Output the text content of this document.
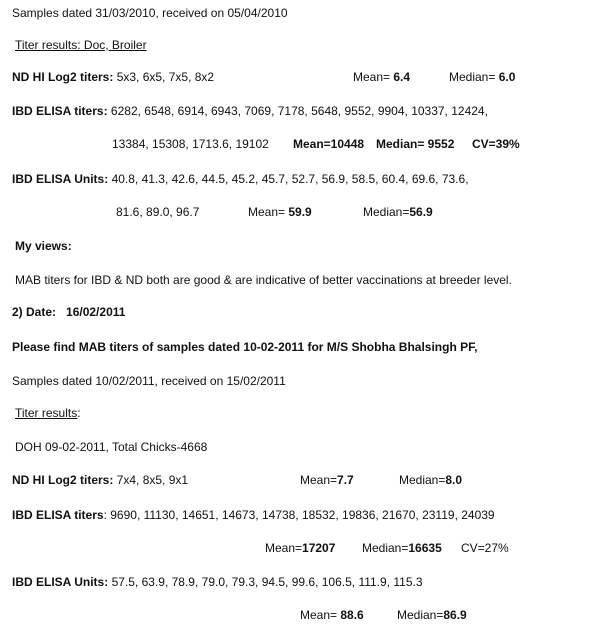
Samples dated 31/03/2010, received on 05/04/2010
Titer results: Doc, Broiler
ND HI Log2 titers: 5x3, 6x5, 7x5, 8x2	Mean= 6.4	Median= 6.0
IBD ELISA titers: 6282, 6548, 6914, 6943, 7069, 7178, 5648, 9552, 9904, 10337, 12424,
13384, 15308, 1713.6, 19102 Mean=10448 Median= 9552 CV=39%
IBD ELISA Units: 40.8, 41.3, 42.6, 44.5, 45.2, 45.7, 52.7, 56.9, 58.5, 60.4, 69.6, 73.6,
81.6, 89.0, 96.7	Mean= 59.9	Median=56.9
My views:
MAB titers for IBD & ND both are good & are indicative of better vaccinations at breeder level.
2) Date: 16/02/2011
Please find MAB titers of samples dated 10-02-2011 for M/S Shobha Bhalsingh PF,
Samples dated 10/02/2011, received on 15/02/2011
Titer results:
DOH 09-02-2011, Total Chicks-4668
ND HI Log2 titers: 7x4, 8x5, 9x1	Mean=7.7	Median=8.0
IBD ELISA titers: 9690, 11130, 14651, 14673, 14738, 18532, 19836, 21670, 23119, 24039
Mean=17207 Median=16635 CV=27%
IBD ELISA Units: 57.5, 63.9, 78.9, 79.0, 79.3, 94.5, 99.6, 106.5, 111.9, 115.3
Mean= 88.6	Median=86.9
